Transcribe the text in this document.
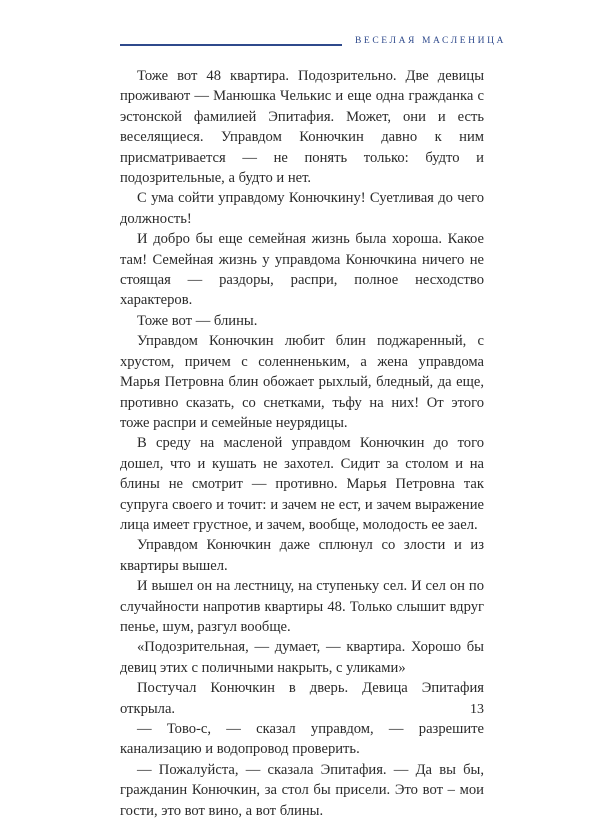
ВЕСЕЛАЯ МАСЛЕНИЦА

Тоже вот 48 квартира. Подозрительно. Две девицы проживают — Манюшка Челькис и еще одна гражданка с эстонской фамилией Эпитафия. Может, они и есть веселящиеся. Управдом Конючкин давно к ним присматривается — не понять только: будто и подозрительные, а будто и нет.

С ума сойти управдому Конючкину! Суетливая до чего должность!

И добро бы еще семейная жизнь была хороша. Какое там! Семейная жизнь у управдома Конючкина ничего не стоящая — раздоры, распри, полное несходство характеров.

Тоже вот — блины.

Управдом Конючкин любит блин поджаренный, с хрустом, причем с соленненьким, а жена управдома Марья Петровна блин обожает рыхлый, бледный, да еще, противно сказать, со снетками, тьфу на них! От этого тоже распри и семейные неурядицы.

В среду на масленой управдом Конючкин до того дошел, что и кушать не захотел. Сидит за столом и на блины не смотрит — противно. Марья Петровна так супруга своего и точит: и зачем не ест, и зачем выражение лица имеет грустное, и зачем, вообще, молодость ее заел.

Управдом Конючкин даже сплюнул со злости и из квартиры вышел.

И вышел он на лестницу, на ступеньку сел. И сел он по случайности напротив квартиры 48. Только слышит вдруг пенье, шум, разгул вообще.

«Подозрительная, — думает, — квартира. Хорошо бы девиц этих с поличными накрыть, с уликами»

Постучал Конючкин в дверь. Девица Эпитафия открыла.

— Тово-с, — сказал управдом, — разрешите канализацию и водопровод проверить.

— Пожалуйста, — сказала Эпитафия. — Да вы бы, гражданин Конючкин, за стол бы присели. Это вот – мои гости, это вот вино, а вот блины.

13
